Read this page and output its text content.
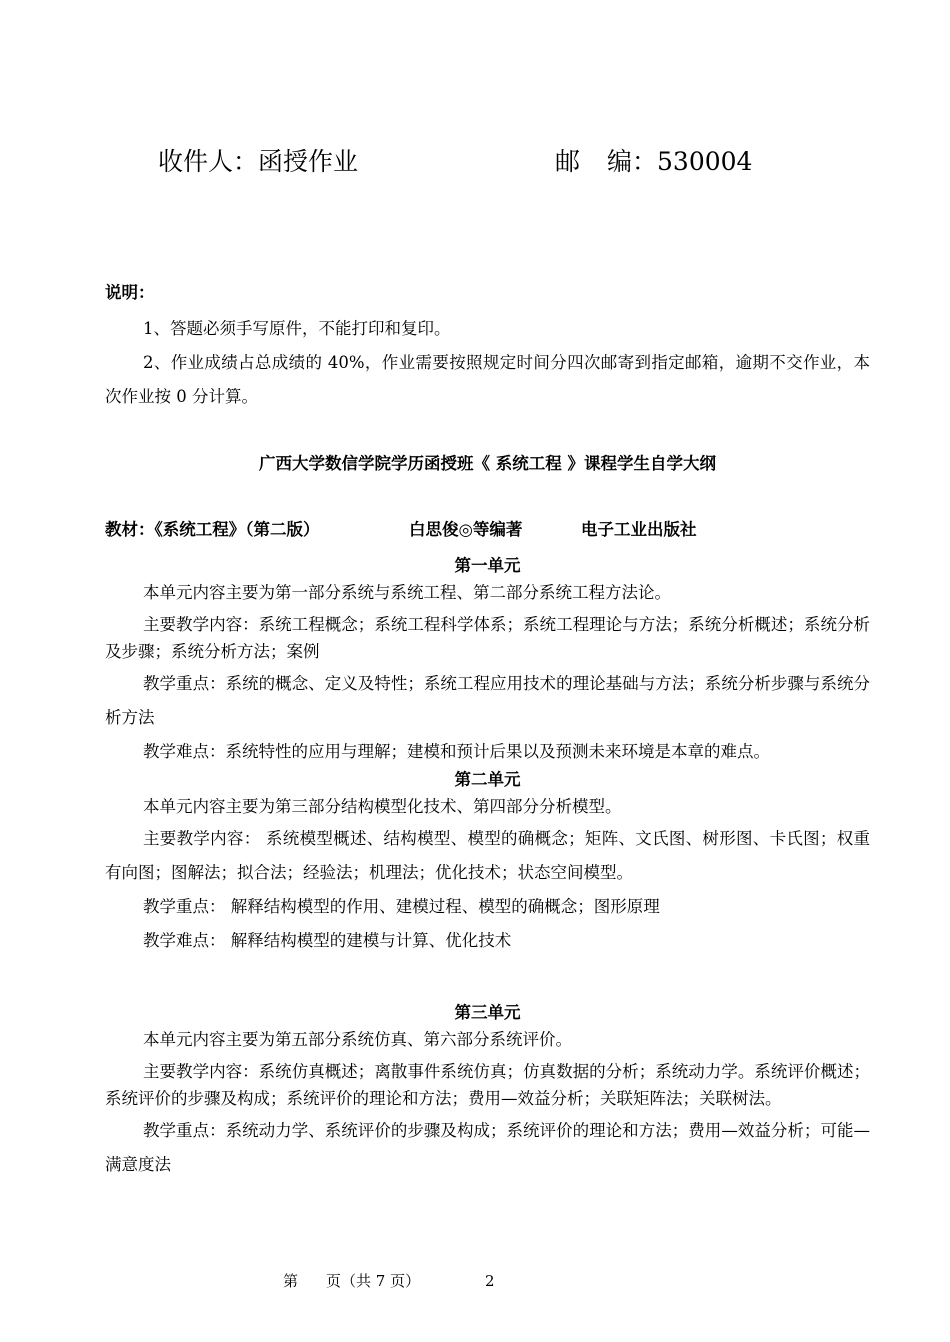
收件人：函授作业	邮 编：530004
说明：

1、答题必须手写原件，不能打印和复印。

2、作业成绩占总成绩的 40%，作业需要按照规定时间分四次邮寄到指定邮箱，逾期不交作业，本次作业按 0 分计算。

广西大学数信学院学历函授班《 系统工程 》课程学生自学大纲
教材：《系统工程》（第二版）	白思俊◎等编著	电子工业出版社
第一单元

本单元内容主要为第一部分系统与系统工程、第二部分系统工程方法论。

主要教学内容：系统工程概念；系统工程科学体系；系统工程理论与方法；系统分析概述；系统分析及步骤；系统分析方法；案例

教学重点：系统的概念、定义及特性；系统工程应用技术的理论基础与方法；系统分析步骤与系统分析方法

教学难点：系统特性的应用与理解；建模和预计后果以及预测未来环境是本章的难点。

第二单元

本单元内容主要为第三部分结构模型化技术、第四部分分析模型。

主要教学内容： 系统模型概述、结构模型、模型的确概念；矩阵、文氏图、树形图、卡氏图；权重有向图；图解法；拟合法；经验法；机理法；优化技术；状态空间模型。

教学重点： 解释结构模型的作用、建模过程、模型的确概念；图形原理

教学难点： 解释结构模型的建模与计算、优化技术

第三单元

本单元内容主要为第五部分系统仿真、第六部分系统评价。

主要教学内容：系统仿真概述；离散事件系统仿真；仿真数据的分析；系统动力学。系统评价概述；系统评价的步骤及构成；系统评价的理论和方法；费用—效益分析；关联矩阵法；关联树法。

教学重点：系统动力学、系统评价的步骤及构成；系统评价的理论和方法；费用—效益分析；可能—满意度法

第 页（共 7 页）	2
